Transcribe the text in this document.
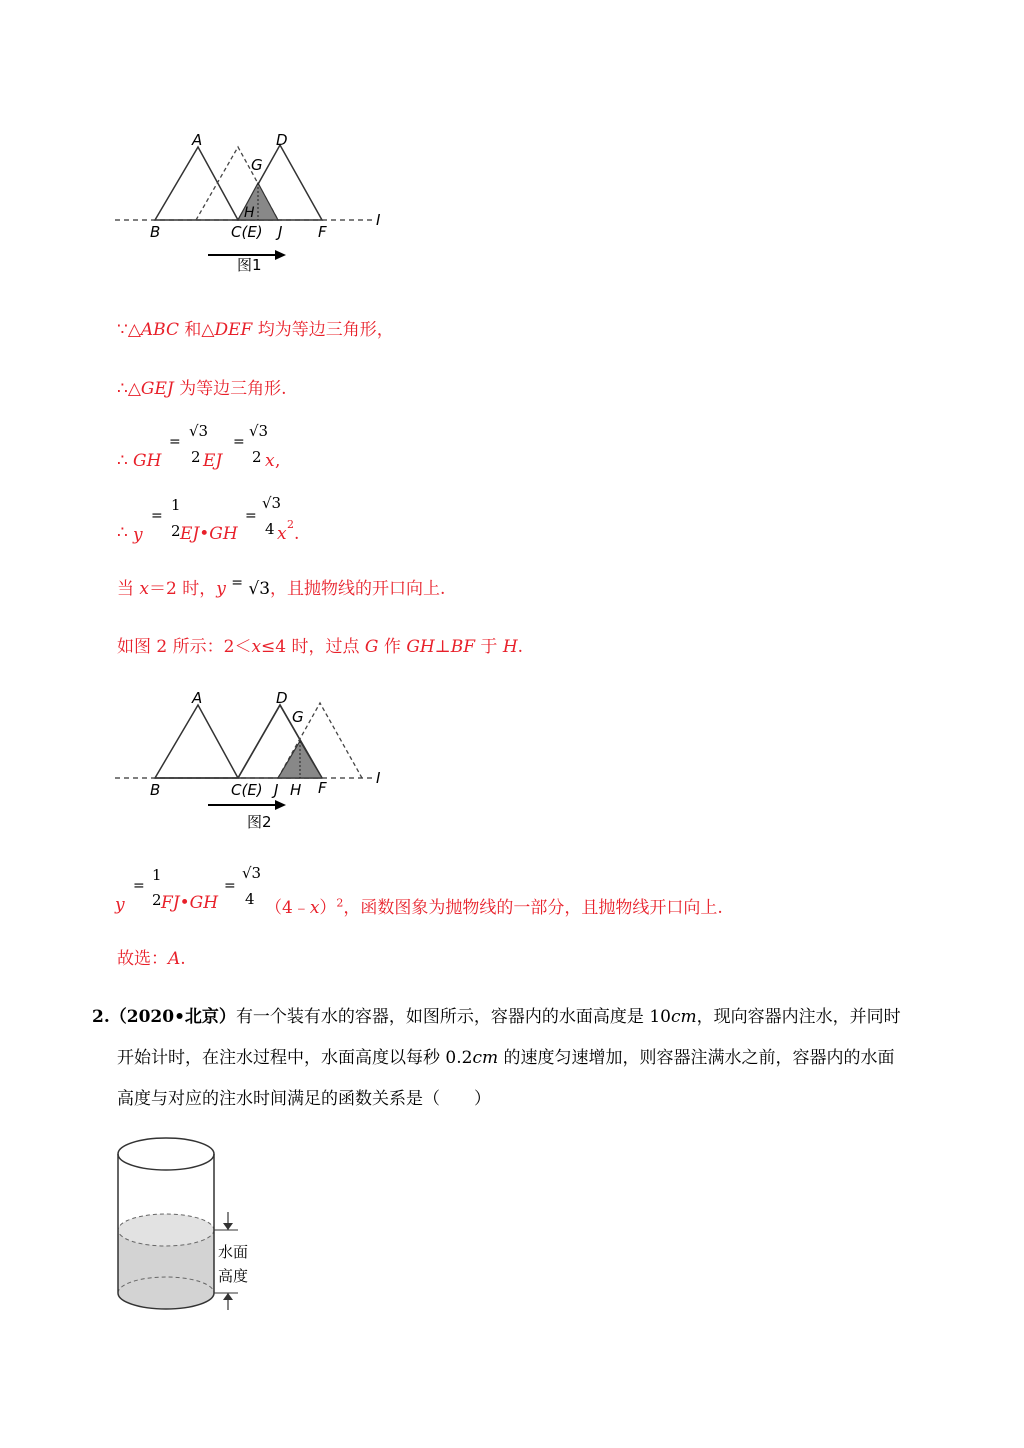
A	D
G
H
B	C(E) J F
I
图1
∵△ABC 和△DEF 均为等边三角形，
∴△GEJ 为等边三角形.
∴ GH
=
√3
2 EJ
=
√3
2 x ,
∴ y
=
1
2 EJ•GH
=
√3
4 x 2 .
当 x＝2 时，y = √3，且抛物线的开口向上.
如图 2 所示：2＜x≤4 时，过点 G 作 GH⊥BF 于 H.
A	D
G
B	C(E) J H F
I
图2
y
=
1
2 FJ•GH
=
√3
4 （4﹣x）$^2$，函数图象为抛物线的一部分，且抛物线开口向上.
故选：A.
2.（2020•北京）有一个装有水的容器，如图所示，容器内的水面高度是 10cm，现向容器内注水，并同时
开始计时，在注水过程中，水面高度以每秒 0.2cm 的速度匀速增加，则容器注满水之前，容器内的水面
高度与对应的注水时间满足的函数关系是（　　）
水面
高度
